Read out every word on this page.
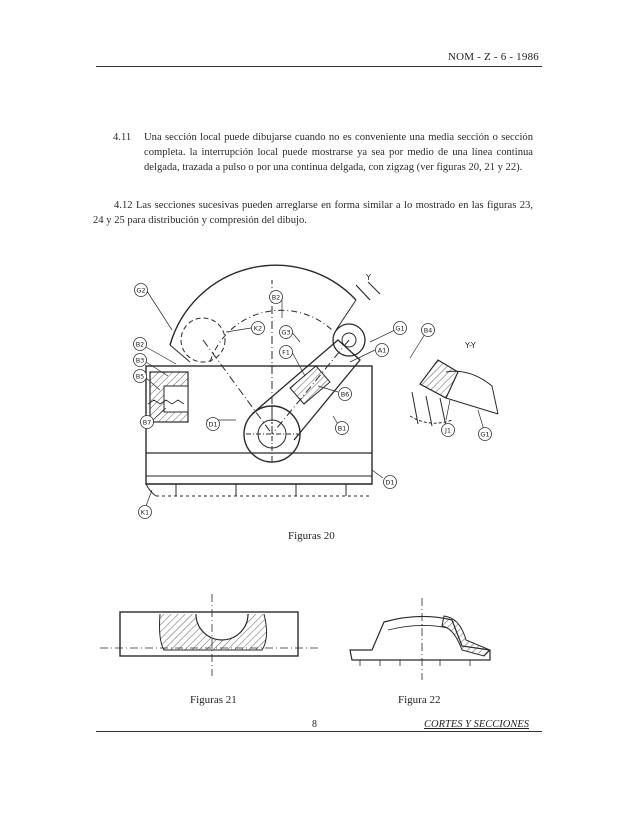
NOM - Z - 6 - 1986
4.11 Una sección local puede dibujarse cuando no es conveniente una media sección o sección completa. la interrupción local puede mostrarse ya sea por medio de una línea continua delgada, trazada a pulso o por una continua delgada, con zigzag (ver figuras 20, 21 y 22).
4.12 Las secciones sucesivas pueden arreglarse en forma similar a lo mostrado en las figuras 23, 24 y 25 para distribución y compresión del dibujo.
G2
B2
K2	G3	G1	B4
B2
F1	A1
B3
B5
B6
B7	D1	B1	J1	G1
D1
K1
Y-Y
Y
Figuras 20
Figuras 21	Figura 22
8	CORTES Y SECCIONES
